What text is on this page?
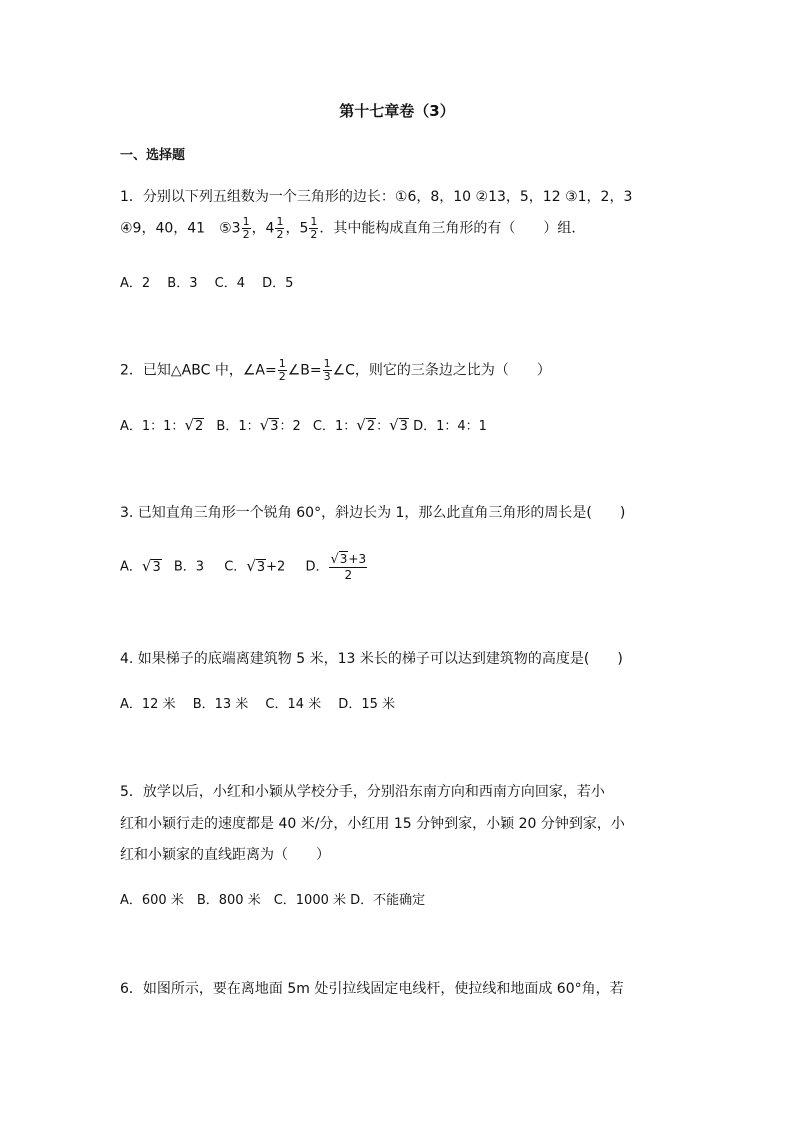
第十七章卷（3）
一、选择题
1．分别以下列五组数为一个三角形的边长：①6，8，10 ②13，5，12 ③1，2，3
④9，40，41 ⑤3 $\frac{1}{2}$ ，$4 \frac{1}{2}$ ，$5 \frac{1}{2}$ ．其中能构成直角三角形的有（　　）组．
A．2　 B．3　 C．4　 D．5
2．已知△ABC 中，∠A= $\frac{1}{2}$ ∠B= $\frac{1}{3}$ ∠C，则它的三条边之比为（　　）
A．1：1：√2 B．1：√3：2 C．1：√2：√3 D．1：4：1
3. 已知直角三角形一个锐角 60°，斜边长为 1，那么此直角三角形的周长是(　　)
A．√3 B．3 C．√3+2 D． $\frac{√3+3}{2}$
4. 如果梯子的底端离建筑物 5 米，13 米长的梯子可以达到建筑物的高度是(　　)
A．12 米　 B．13 米　 C．14 米　 D．15 米
5．放学以后，小红和小颖从学校分手，分别沿东南方向和西南方向回家，若小
红和小颖行走的速度都是 40 米/分，小红用 15 分钟到家，小颖 20 分钟到家，小
红和小颖家的直线距离为（　　）
A．600 米　B．800 米　C．1000 米 D．不能确定
6．如图所示，要在离地面 5m 处引拉线固定电线杆，使拉线和地面成 60°角，若
